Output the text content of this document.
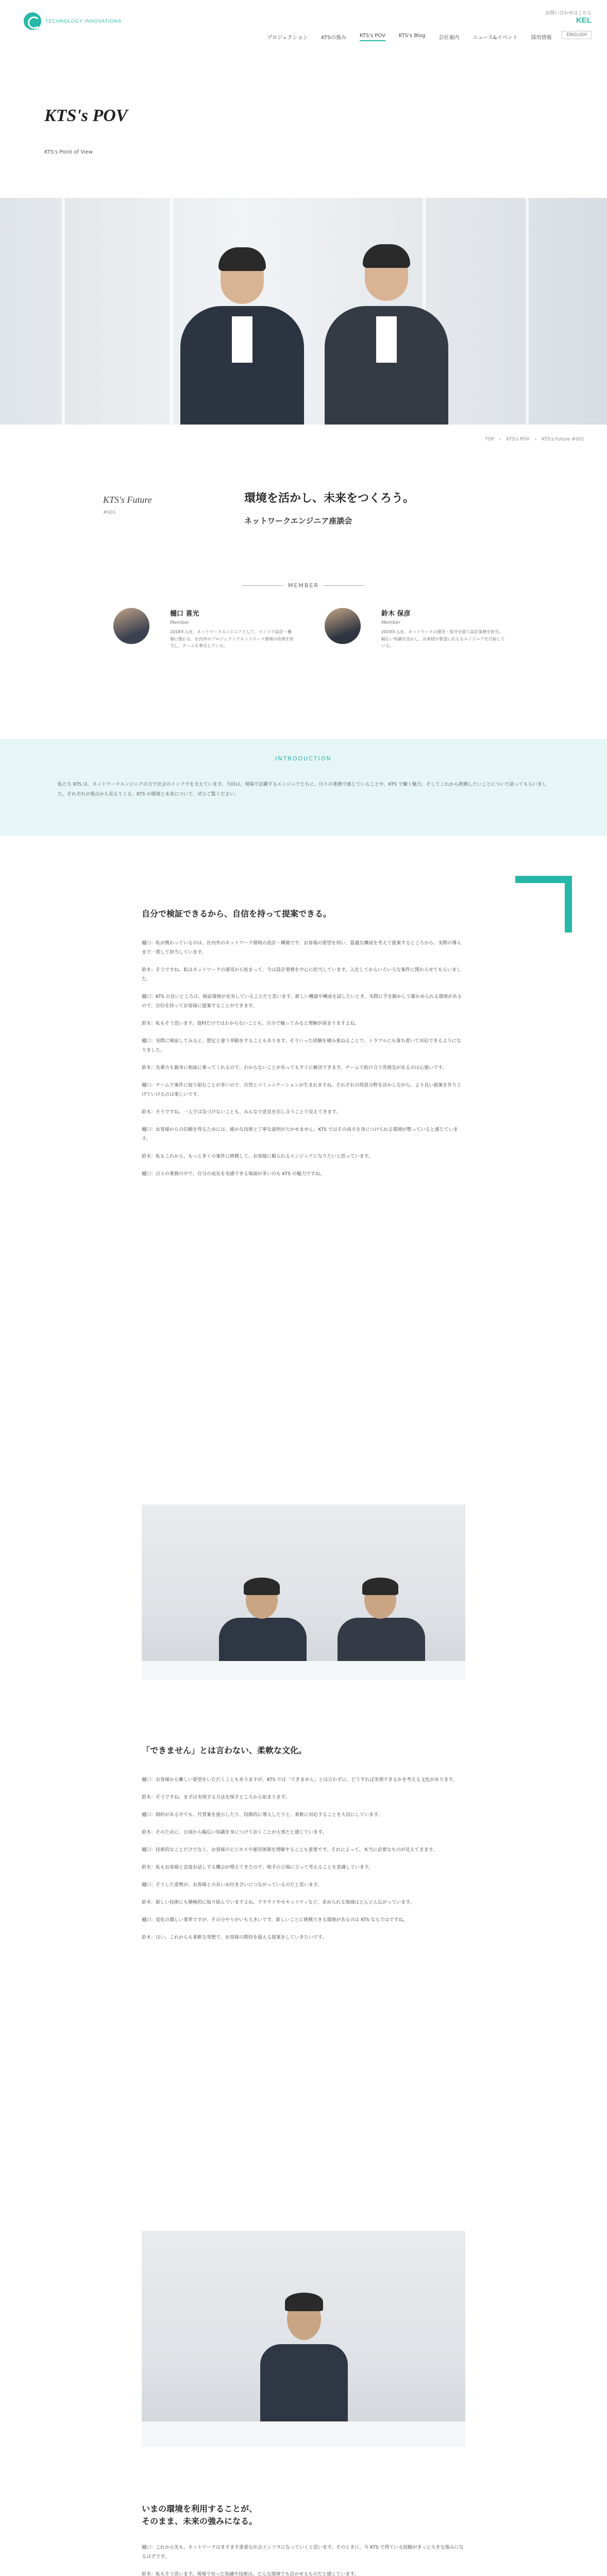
TECHNOLOGY INNOVATIONS
プロジェクション	KTSの強み	KTS's POV	KTS's Blog	会社案内	ニュース&イベント	採用情報
お問い合わせはこちら
KEL
ENGLISH
KTS's POV
KTS's Point of View
TOP › KTS's POV › KTS's Future #001
KTS's Future
#001
環境を活かし、未来をつくろう。
ネットワークエンジニア座談会
MEMBER
樋口 喜光
Member
2018年入社。ネットワークエンジニアとして、インフラ設計・構築に携わる。社内外のプロジェクトでネットワーク環境の改善を担当し、チームを牽引している。
鈴木 保彦
Member
2019年入社。ネットワークの運用・保守を経て設計業務を担当。幅広い知識を活かし、お客様の要望に応えるエンジニアを目指している。
INTRODUCTION

私たち KTS は、ネットワークエンジニアの力で社会のインフラを支えています。今回は、現場で活躍するエンジニアたちに、日々の業務で感じていることや、KTS で働く魅力、そしてこれから挑戦したいことについて語ってもらいました。それぞれの視点から見えてくる、KTS の環境と未来について、ぜひご覧ください。

自分で検証できるから、自信を持って提案できる。

樋口：私が携わっているのは、社内外のネットワーク環境の設計・構築です。お客様の要望を伺い、最適な構成を考えて提案するところから、実際の導入まで一貫して担当しています。

鈴木：そうですね。私はネットワークの運用から始まって、今は設計業務を中心に担当しています。入社してからいろいろな案件に関わらせてもらいました。

樋口：KTS の良いところは、検証環境が充実していることだと思います。新しい機器や構成を試したいとき、実際に手を動かして確かめられる環境があるので、自信を持ってお客様に提案することができます。

鈴木：私もそう思います。資料だけではわからないことも、自分で触ってみると理解が深まりますよね。

樋口：実際に検証してみると、想定と違う挙動をすることもあります。そういった経験を積み重ねることで、トラブルにも落ち着いて対応できるようになりました。

鈴木：先輩方も親身に相談に乗ってくれるので、わからないことがあってもすぐに解決できます。チームで助け合う雰囲気があるのは心強いです。

樋口：チームで案件に取り組むことが多いので、自然とコミュニケーションが生まれますね。それぞれの得意分野を活かしながら、より良い提案を作り上げていけるのは楽しいです。

鈴木：そうですね。一人では気づけないことも、みんなで意見を出し合うことで見えてきます。

樋口：お客様からの信頼を得るためには、確かな技術と丁寧な説明が欠かせません。KTS ではその両方を身につけられる環境が整っていると感じています。

鈴木：私もこれから、もっと多くの案件に挑戦して、お客様に頼られるエンジニアになりたいと思っています。

樋口：日々の業務の中で、自分の成長を実感できる場面が多いのも KTS の魅力ですね。

「できません」とは言わない、柔軟な文化。

樋口：お客様から難しい要望をいただくこともありますが、KTS では「できません」とは言わずに、どうすれば実現できるかを考える文化があります。

鈴木：そうですね。まずは実現する方法を探すところから始まります。

樋口：制約がある中でも、代替案を提示したり、段階的に導入したりと、柔軟に対応することを大切にしています。

鈴木：そのために、日頃から幅広い知識を身につけておくことが大事だと感じています。

樋口：技術的なことだけでなく、お客様のビジネスや運用体制を理解することも重要です。それによって、本当に必要なものが見えてきます。

鈴木：私もお客様と直接お話しする機会が増えてきたので、相手の立場に立って考えることを意識しています。

樋口：そうした姿勢が、お客様との長いお付き合いにつながっているのだと思います。

鈴木：新しい技術にも積極的に取り組んでいますよね。クラウドやセキュリティなど、求められる領域はどんどん広がっています。

樋口：変化の激しい業界ですが、その分やりがいも大きいです。新しいことに挑戦できる環境があるのは KTS ならではですね。

鈴木：はい。これからも柔軟な発想で、お客様の期待を超える提案をしていきたいです。

いまの環境を利用することが、
そのまま、未来の強みになる。

樋口：これから先も、ネットワークはますます重要な社会インフラになっていくと思います。そのときに、今 KTS で得ている経験がきっと大きな強みになるはずです。

鈴木：私もそう思います。現場で培った知識や技術は、どんな環境でも活かせるものだと感じています。
